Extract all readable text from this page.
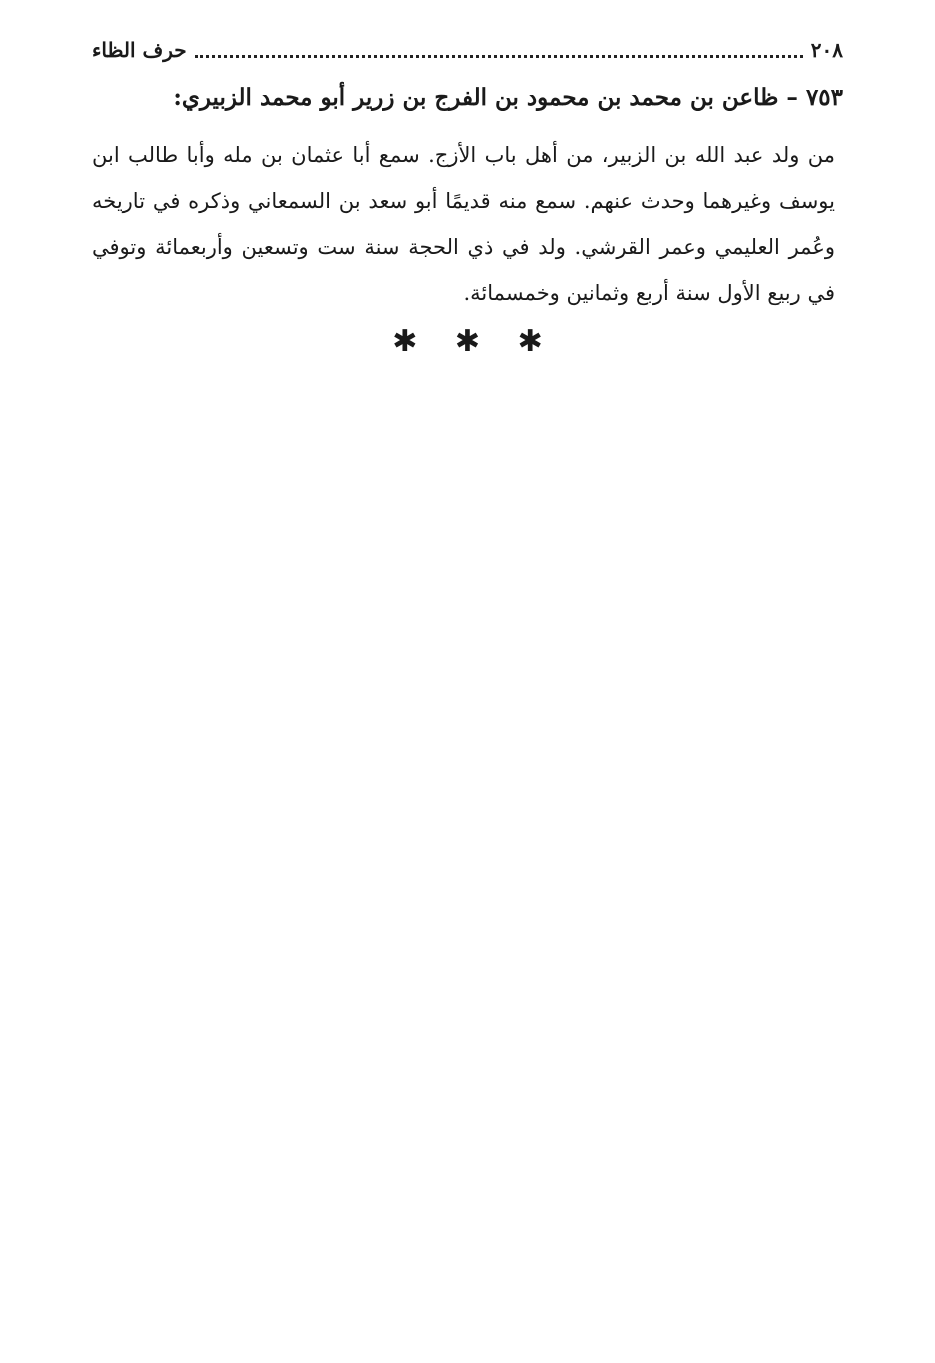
٢٠٨
حرف الظاء
٧٥٣ – ظاعن بن محمد بن محمود بن الفرج بن زرير أبو محمد الزبيري:

من ولد عبد الله بن الزبير، من أهل باب الأزج. سمع أبا عثمان بن مله وأبا طالب ابن يوسف وغيرهما وحدث عنهم. سمع منه قديمًا أبو سعد بن السمعاني وذكره في تاريخه وعُمر العليمي وعمر القرشي. ولد في ذي الحجة سنة ست وتسعين وأربعمائة وتوفي في ربيع الأول سنة أربع وثمانين وخمسمائة.

✱ ✱ ✱
